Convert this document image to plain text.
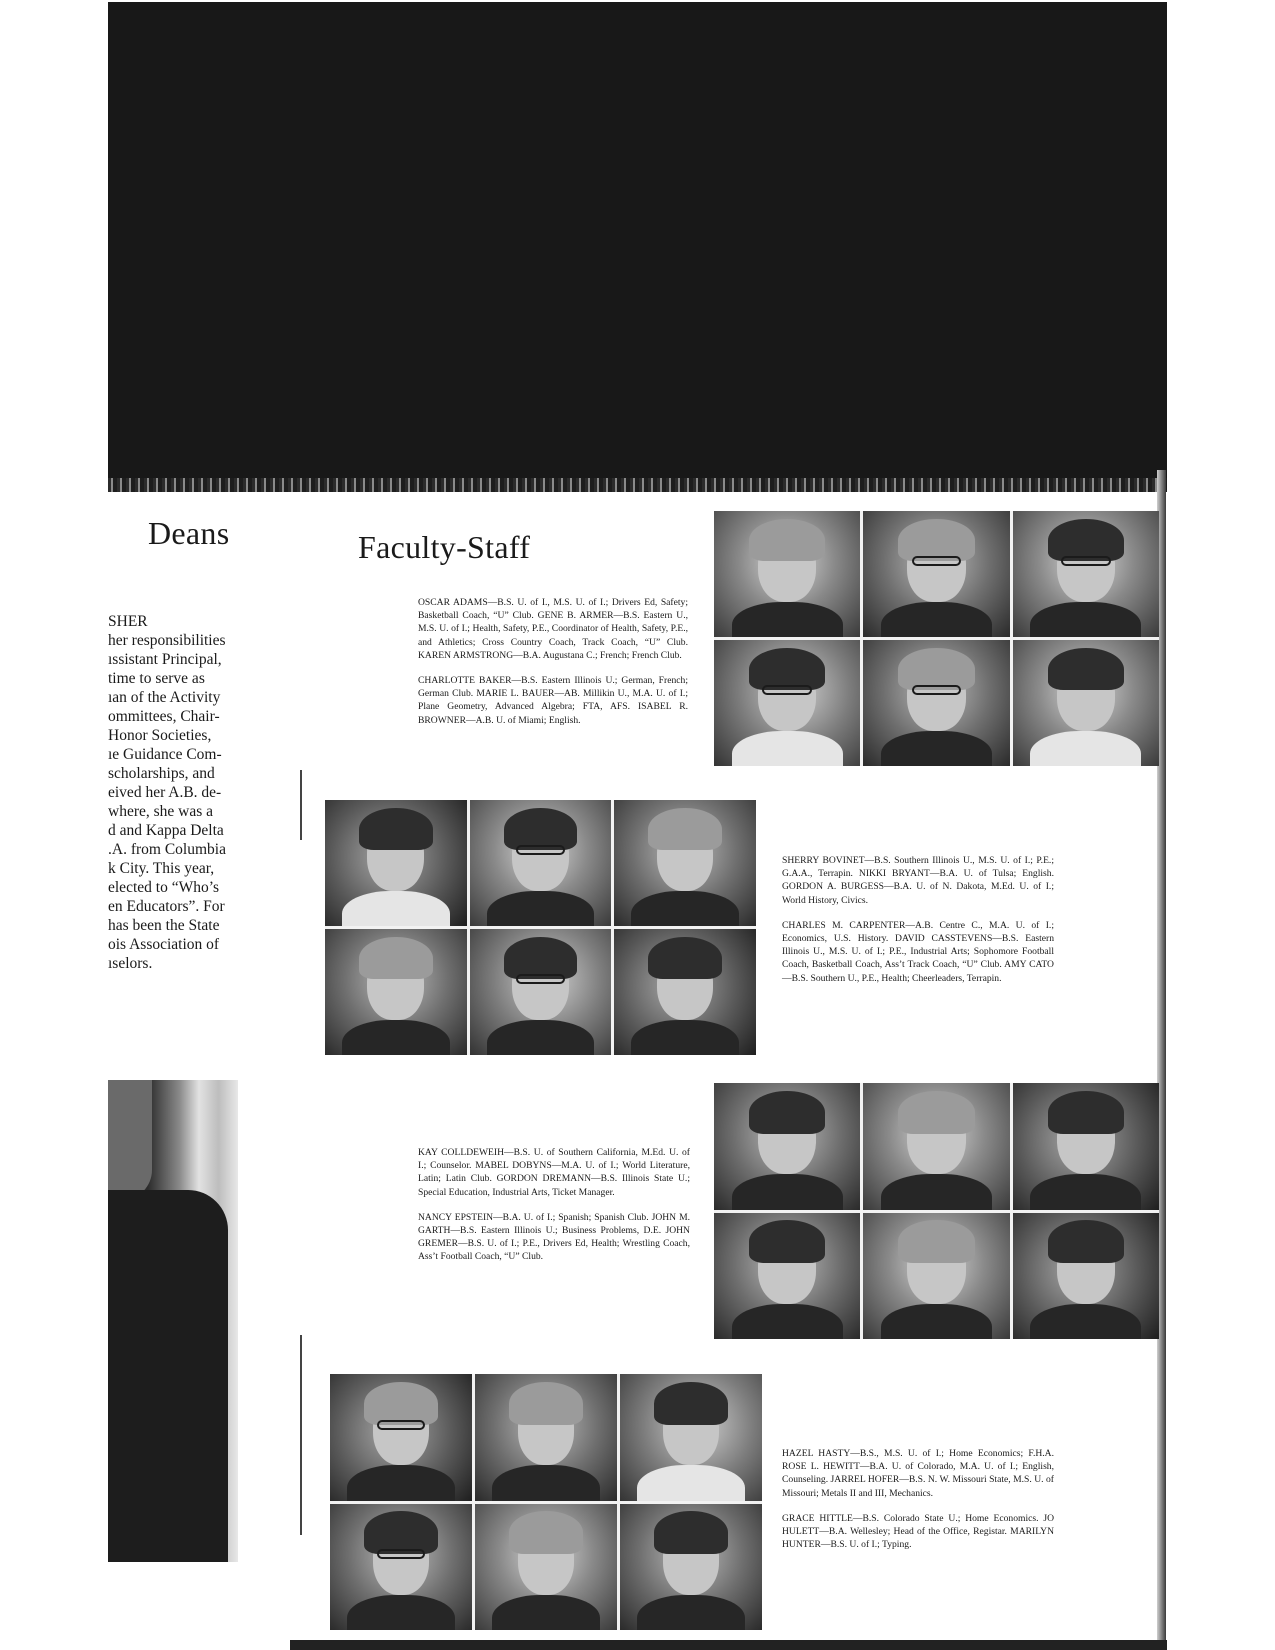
Deans	Faculty-Staff
SHER
her responsibilities
ıssistant Principal,
time to serve as
ıan of the Activity
ommittees, Chair-
Honor Societies,
ıe Guidance Com-
scholarships, and
eived her A.B. de-
where, she was a
d and Kappa Delta
.A. from Columbia
k City. This year,
elected to “Who’s
en Educators”. For
has been the State
ois Association of
ıselors.

OSCAR ADAMS—B.S. U. of I., M.S. U. of I.; Drivers Ed, Safety; Basketball Coach, “U” Club. GENE B. ARMER—B.S. Eastern U., M.S. U. of I.; Health, Safety, P.E., Coordinator of Health, Safety, P.E., and Athletics; Cross Country Coach, Track Coach, “U” Club. KAREN ARMSTRONG—B.A. Augustana C.; French; French Club.

CHARLOTTE BAKER—B.S. Eastern Illinois U.; German, French; German Club. MARIE L. BAUER—AB. Millikin U., M.A. U. of I.; Plane Geometry, Advanced Algebra; FTA, AFS. ISABEL R. BROWNER—A.B. U. of Miami; English.

SHERRY BOVINET—B.S. Southern Illinois U., M.S. U. of I.; P.E.; G.A.A., Terrapin. NIKKI BRYANT—B.A. U. of Tulsa; English. GORDON A. BURGESS—B.A. U. of N. Dakota, M.Ed. U. of I.; World History, Civics.

CHARLES M. CARPENTER—A.B. Centre C., M.A. U. of I.; Economics, U.S. History. DAVID CASSTEVENS—B.S. Eastern Illinois U., M.S. U. of I.; P.E., Industrial Arts; Sophomore Football Coach, Basketball Coach, Ass’t Track Coach, “U” Club. AMY CATO—B.S. Southern U., P.E., Health; Cheerleaders, Terrapin.

KAY COLLDEWEIH—B.S. U. of Southern California, M.Ed. U. of I.; Counselor. MABEL DOBYNS—M.A. U. of I.; World Literature, Latin; Latin Club. GORDON DREMANN—B.S. Illinois State U.; Special Education, Industrial Arts, Ticket Manager.

NANCY EPSTEIN—B.A. U. of I.; Spanish; Spanish Club. JOHN M. GARTH—B.S. Eastern Illinois U.; Business Problems, D.E. JOHN GREMER—B.S. U. of I.; P.E., Drivers Ed, Health; Wrestling Coach, Ass’t Football Coach, “U” Club.

HAZEL HASTY—B.S., M.S. U. of I.; Home Economics; F.H.A. ROSE L. HEWITT—B.A. U. of Colorado, M.A. U. of I.; English, Counseling. JARREL HOFER—B.S. N. W. Missouri State, M.S. U. of Missouri; Metals II and III, Mechanics.

GRACE HITTLE—B.S. Colorado State U.; Home Economics. JO HULETT—B.A. Wellesley; Head of the Office, Registar. MARILYN HUNTER—B.S. U. of I.; Typing.
